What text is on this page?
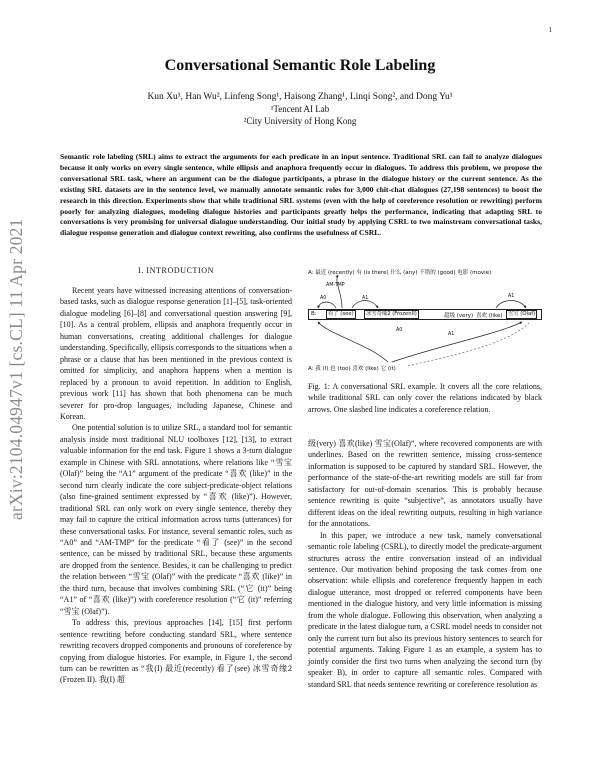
1
arXiv:2104.04947v1 [cs.CL] 11 Apr 2021
Conversational Semantic Role Labeling
Kun Xu¹, Han Wu², Linfeng Song¹, Haisong Zhang¹, Linqi Song², and Dong Yu¹
¹Tencent AI Lab
²City University of Hong Kong
Semantic role labeling (SRL) aims to extract the arguments for each predicate in an input sentence. Traditional SRL can fail to analyze dialogues because it only works on every single sentence, while ellipsis and anaphora frequently occur in dialogues. To address this problem, we propose the conversational SRL task, where an argument can be the dialogue participants, a phrase in the dialogue history or the current sentence. As the existing SRL datasets are in the sentence level, we manually annotate semantic roles for 3,000 chit-chat dialogues (27,198 sentences) to boost the research in this direction. Experiments show that while traditional SRL systems (even with the help of coreference resolution or rewriting) perform poorly for analyzing dialogues, modeling dialogue histories and participants greatly helps the performance, indicating that adapting SRL to conversations is very promising for universal dialogue understanding. Our initial study by applying CSRL to two mainstream conversational tasks, dialogue response generation and dialogue context rewriting, also confirms the usefulness of CSRL.
I. INTRODUCTION

Recent years have witnessed increasing attentions of conversation-based tasks, such as dialogue response generation [1]–[5], task-oriented dialogue modeling [6]–[8] and conversational question answering [9], [10]. As a central problem, ellipsis and anaphora frequently occur in human conversations, creating additional challenges for dialogue understanding. Specifically, ellipsis corresponds to the situations when a phrase or a clause that has been mentioned in the previous context is omitted for simplicity, and anaphora happens when a mention is replaced by a pronoun to avoid repetition. In addition to English, previous work [11] has shown that both phenomena can be much severer for pro-drop languages, including Japanese, Chinese and Korean.

One potential solution is to utilize SRL, a standard tool for semantic analysis inside most traditional NLU toolboxes [12], [13], to extract valuable information for the end task. Figure 1 shows a 3-turn dialogue example in Chinese with SRL annotations, where relations like “雪宝 (Olaf)” being the “A1” argument of the predicate “喜欢 (like)” in the second turn clearly indicate the core subject-predicate-object relations (also fine-grained sentiment expressed by “喜欢 (like)”). However, traditional SRL can only work on every single sentence, thereby they may fail to capture the critical information across turns (utterances) for these conversational tasks. For instance, several semantic roles, such as “A0” and “AM-TMP” for the predicate “看了 (see)” in the second sentence, can be missed by traditional SRL, because these arguments are dropped from the sentence. Besides, it can be challenging to predict the relation between “雪宝 (Olaf)” with the predicate “喜欢 (like)” in the third turn, because that involves combining SRL (“它 (it)” being “A1” of “喜欢 (like)”) with coreference resolution (“它 (it)” referring “雪宝 (Olaf)”).

To address this, previous approaches [14], [15] first perform sentence rewriting before conducting standard SRL, where sentence rewriting recovers dropped components and pronouns of coreference by copying from dialogue histories. For example, in Figure 1, the second turn can be rewritten as “我(I) 最近(recently) 看了(see) 冰雪奇缘2 (Frozen II). 我(I) 超

A: 最近 (recently) 有 (is there) 什么 (any) 不错的 (good) 电影 (movie)
B:	看了 (see)	冰雪奇缘2 (FrozenII)	超级 (very) 喜欢 (like)	雪宝 (Olaf)
AM-TMP
A0	A1	A1
A0
A1
A: 我 (I) 也 (too) 喜欢 (like) 它 (it)
Fig. 1: A conversational SRL example. It covers all the core relations, while traditional SRL can only cover the relations indicated by black arrows. One slashed line indicates a coreference relation.

级(very) 喜欢(like) 雪宝(Olaf)”, where recovered components are with underlines. Based on the rewritten sentence, missing cross-sentence information is supposed to be captured by standard SRL. However, the performance of the state-of-the-art rewriting models are still far from satisfactory for out-of-domain scenarios. This is probably because sentence rewriting is quite “subjective”, as annotators usually have different ideas on the ideal rewriting outputs, resulting in high variance for the annotations.

In this paper, we introduce a new task, namely conversational semantic role labeling (CSRL), to directly model the predicate-argument structures across the entire conversation instead of an individual sentence. Our motivation behind proposing the task comes from one observation: while ellipsis and coreference frequently happen in each dialogue utterance, most dropped or referred components have been mentioned in the dialogue history, and very little information is missing from the whole dialogue. Following this observation, when analyzing a predicate in the latest dialogue turn, a CSRL model needs to consider not only the current turn but also its previous history sentences to search for potential arguments. Taking Figure 1 as an example, a system has to jointly consider the first two turns when analyzing the second turn (by speaker B), in order to capture all semantic roles. Compared with standard SRL that needs sentence rewriting or coreference resolution as
